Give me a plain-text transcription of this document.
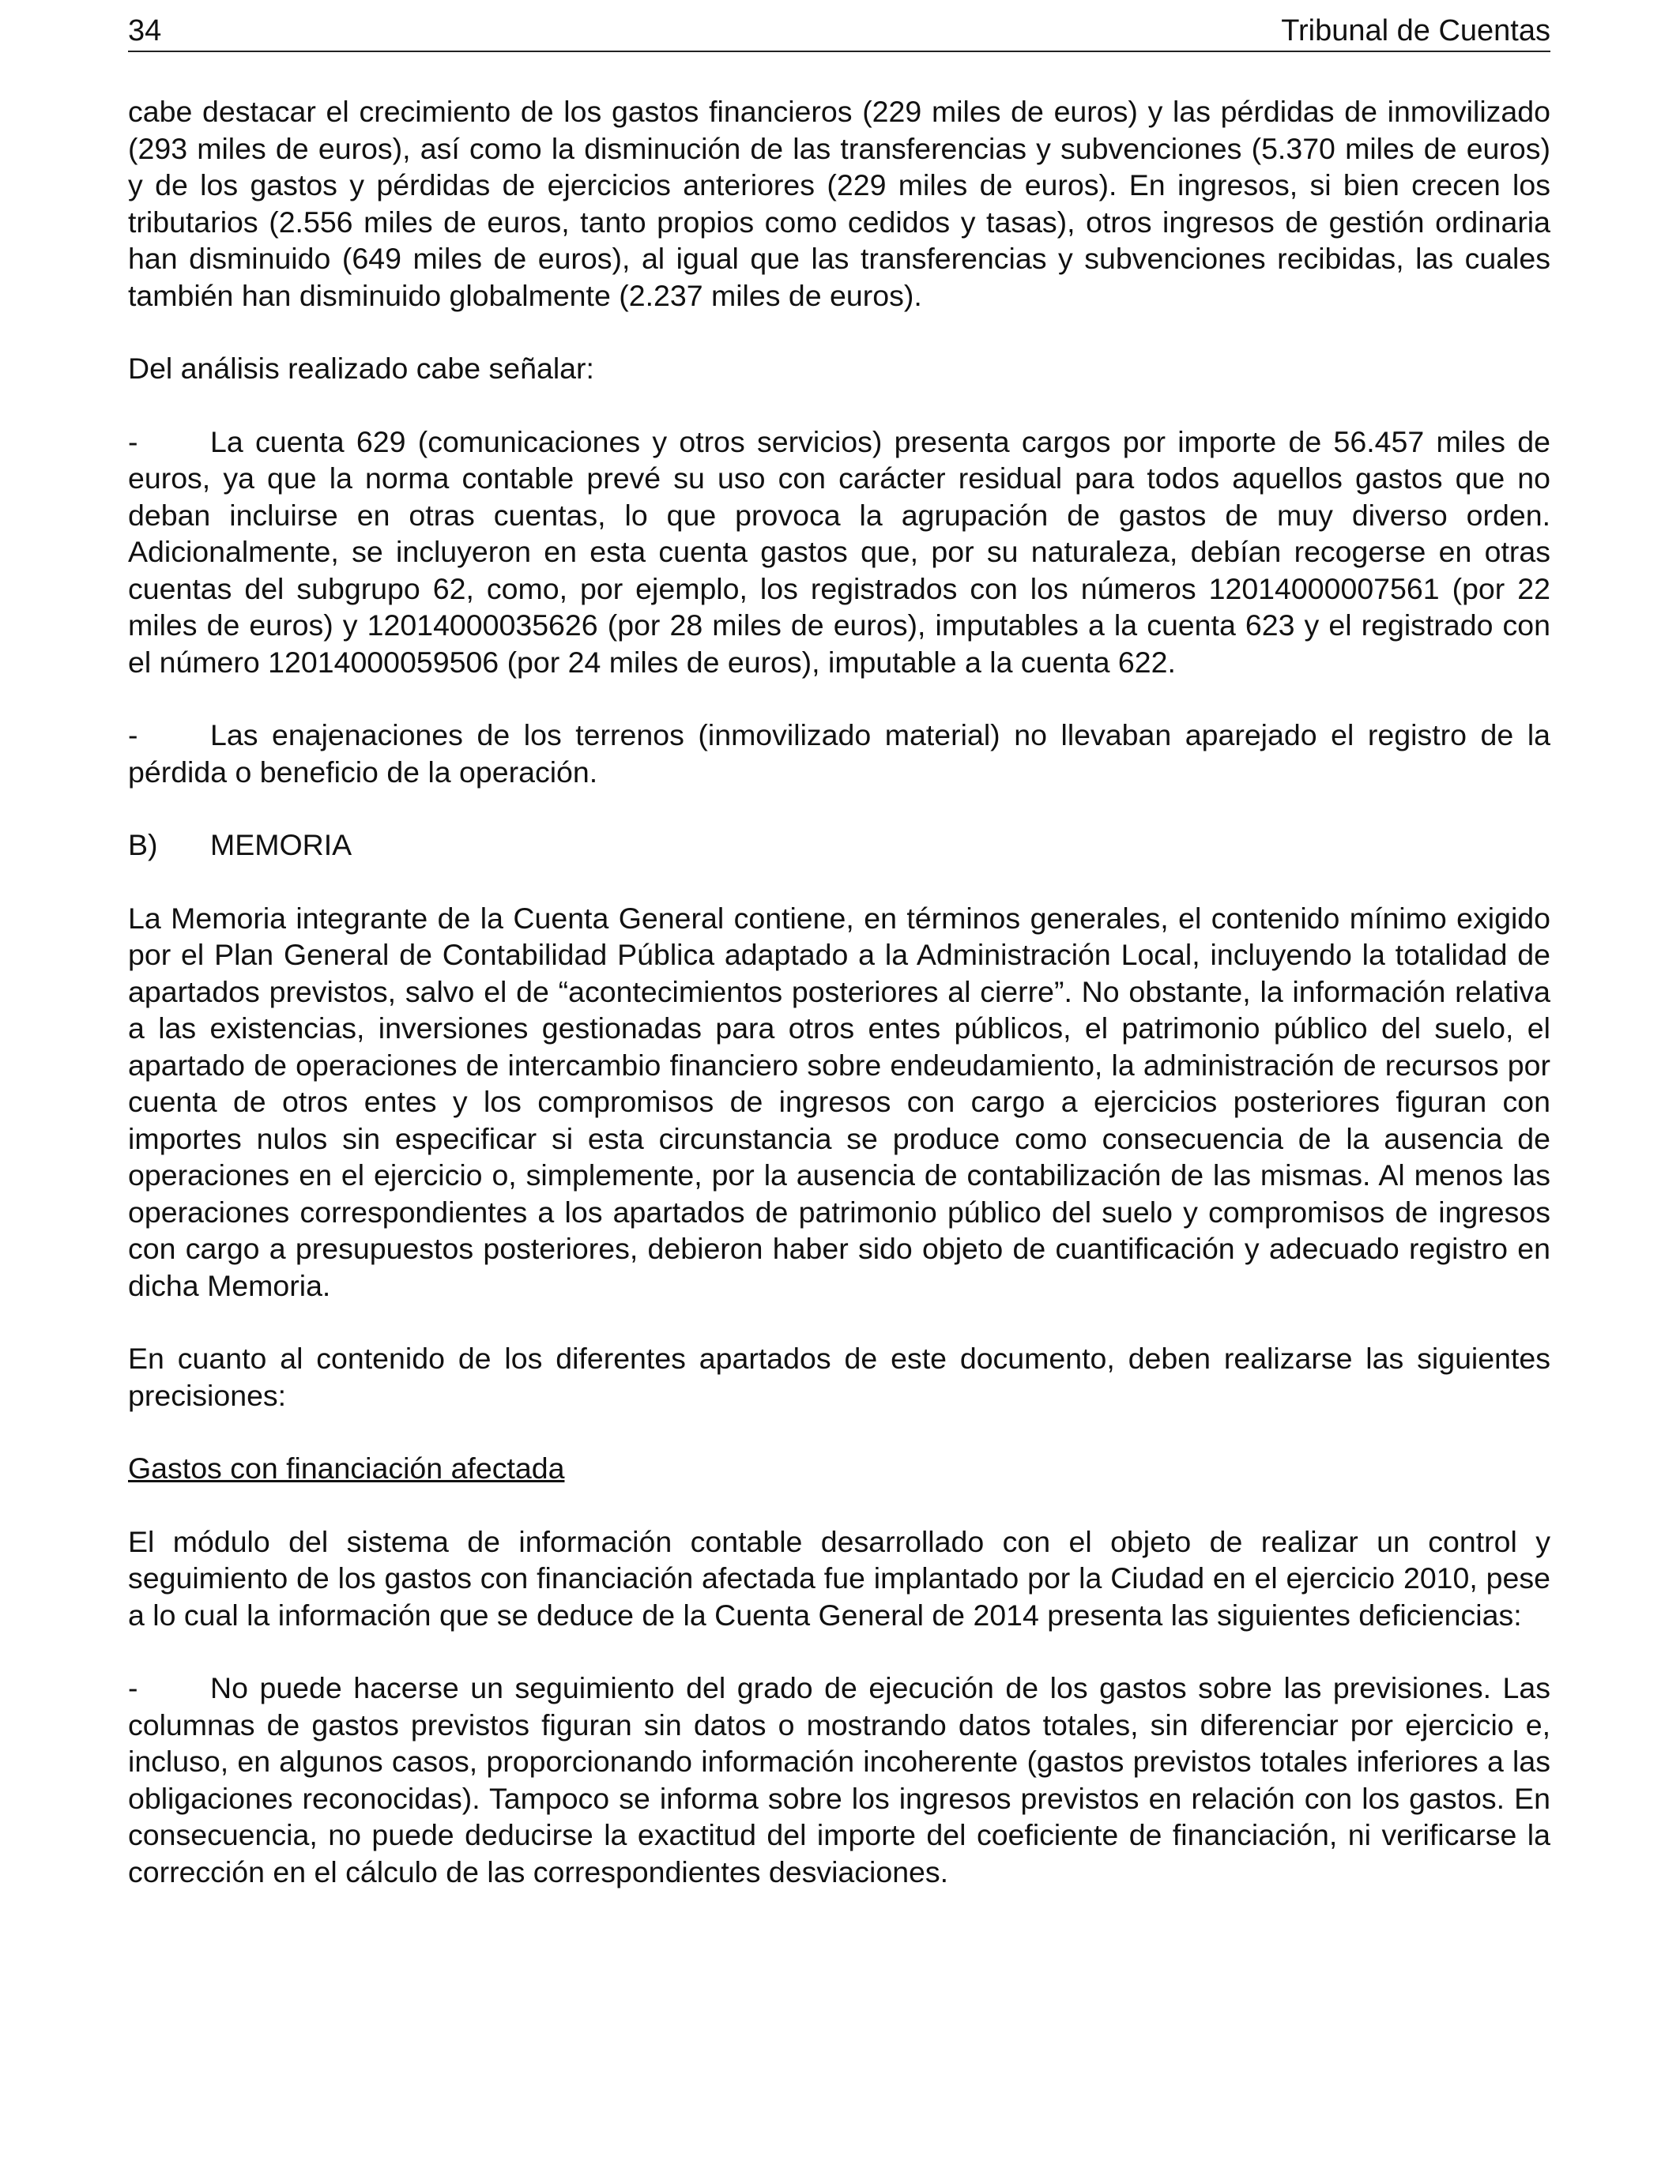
34	Tribunal de Cuentas

cabe destacar el crecimiento de los gastos financieros (229 miles de euros) y las pérdidas de inmovilizado (293 miles de euros), así como la disminución de las transferencias y subvenciones (5.370 miles de euros) y de los gastos y pérdidas de ejercicios anteriores (229 miles de euros). En ingresos, si bien crecen los tributarios (2.556 miles de euros, tanto propios como cedidos y tasas), otros ingresos de gestión ordinaria han disminuido (649 miles de euros), al igual que las transferencias y subvenciones recibidas, las cuales también han disminuido globalmente (2.237 miles de euros).

Del análisis realizado cabe señalar:

- La cuenta 629 (comunicaciones y otros servicios) presenta cargos por importe de 56.457 miles de euros, ya que la norma contable prevé su uso con carácter residual para todos aquellos gastos que no deban incluirse en otras cuentas, lo que provoca la agrupación de gastos de muy diverso orden. Adicionalmente, se incluyeron en esta cuenta gastos que, por su naturaleza, debían recogerse en otras cuentas del subgrupo 62, como, por ejemplo, los registrados con los números 12014000007561 (por 22 miles de euros) y 12014000035626 (por 28 miles de euros), imputables a la cuenta 623 y el registrado con el número 12014000059506 (por 24 miles de euros), imputable a la cuenta 622.

- Las enajenaciones de los terrenos (inmovilizado material) no llevaban aparejado el registro de la pérdida o beneficio de la operación.

B) MEMORIA

La Memoria integrante de la Cuenta General contiene, en términos generales, el contenido mínimo exigido por el Plan General de Contabilidad Pública adaptado a la Administración Local, incluyendo la totalidad de apartados previstos, salvo el de “acontecimientos posteriores al cierre”. No obstante, la información relativa a las existencias, inversiones gestionadas para otros entes públicos, el patrimonio público del suelo, el apartado de operaciones de intercambio financiero sobre endeudamiento, la administración de recursos por cuenta de otros entes y los compromisos de ingresos con cargo a ejercicios posteriores figuran con importes nulos sin especificar si esta circunstancia se produce como consecuencia de la ausencia de operaciones en el ejercicio o, simplemente, por la ausencia de contabilización de las mismas. Al menos las operaciones correspondientes a los apartados de patrimonio público del suelo y compromisos de ingresos con cargo a presupuestos posteriores, debieron haber sido objeto de cuantificación y adecuado registro en dicha Memoria.

En cuanto al contenido de los diferentes apartados de este documento, deben realizarse las siguientes precisiones:

Gastos con financiación afectada

El módulo del sistema de información contable desarrollado con el objeto de realizar un control y seguimiento de los gastos con financiación afectada fue implantado por la Ciudad en el ejercicio 2010, pese a lo cual la información que se deduce de la Cuenta General de 2014 presenta las siguientes deficiencias:

- No puede hacerse un seguimiento del grado de ejecución de los gastos sobre las previsiones. Las columnas de gastos previstos figuran sin datos o mostrando datos totales, sin diferenciar por ejercicio e, incluso, en algunos casos, proporcionando información incoherente (gastos previstos totales inferiores a las obligaciones reconocidas). Tampoco se informa sobre los ingresos previstos en relación con los gastos. En consecuencia, no puede deducirse la exactitud del importe del coeficiente de financiación, ni verificarse la corrección en el cálculo de las correspondientes desviaciones.
